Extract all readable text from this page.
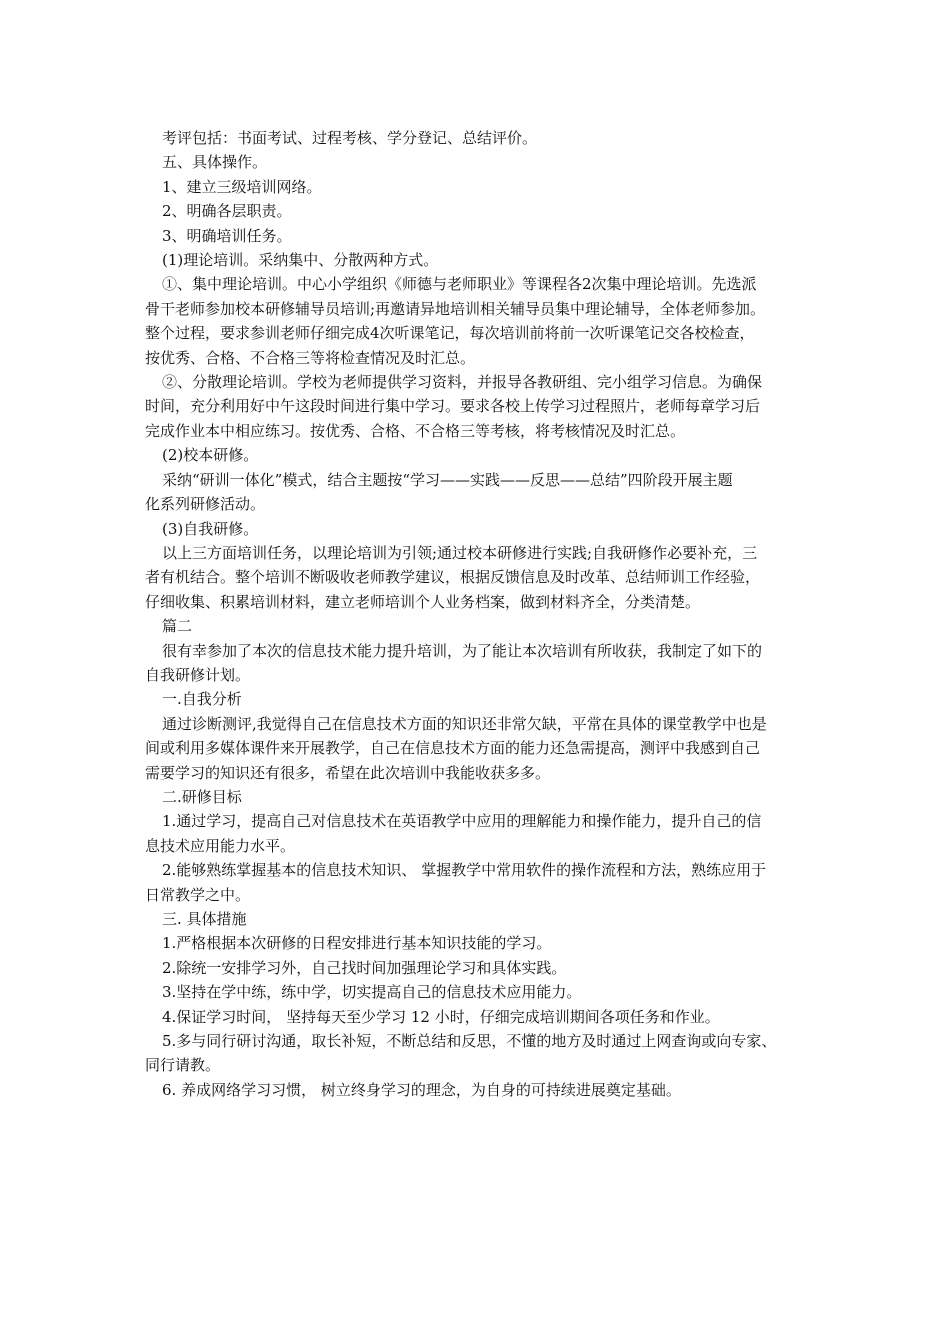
考评包括：书面考试、过程考核、学分登记、总结评价。
五、具体操作。
1、建立三级培训网络。
2、明确各层职责。
3、明确培训任务。
(1)理论培训。采纳集中、分散两种方式。
①、集中理论培训。中心小学组织《师德与老师职业》等课程各2次集中理论培训。先选派
骨干老师参加校本研修辅导员培训;再邀请异地培训相关辅导员集中理论辅导，全体老师参加。
整个过程，要求参训老师仔细完成4次听课笔记，每次培训前将前一次听课笔记交各校检查，
按优秀、合格、不合格三等将检查情况及时汇总。
②、分散理论培训。学校为老师提供学习资料，并报导各教研组、完小组学习信息。为确保
时间，充分利用好中午这段时间进行集中学习。要求各校上传学习过程照片，老师每章学习后
完成作业本中相应练习。按优秀、合格、不合格三等考核，将考核情况及时汇总。
(2)校本研修。
采纳“研训一体化”模式，结合主题按“学习——实践——反思——总结”四阶段开展主题
化系列研修活动。
(3)自我研修。
以上三方面培训任务，以理论培训为引领;通过校本研修进行实践;自我研修作必要补充，三
者有机结合。整个培训不断吸收老师教学建议，根据反馈信息及时改革、总结师训工作经验，
仔细收集、积累培训材料，建立老师培训个人业务档案，做到材料齐全，分类清楚。
篇二
很有幸参加了本次的信息技术能力提升培训，为了能让本次培训有所收获，我制定了如下的
自我研修计划。
一.自我分析
通过诊断测评,我觉得自己在信息技术方面的知识还非常欠缺，平常在具体的课堂教学中也是
间或利用多媒体课件来开展教学，自己在信息技术方面的能力还急需提高，测评中我感到自己
需要学习的知识还有很多，希望在此次培训中我能收获多多。
二.研修目标
1.通过学习，提高自己对信息技术在英语教学中应用的理解能力和操作能力，提升自己的信
息技术应用能力水平。
2.能够熟练掌握基本的信息技术知识、 掌握教学中常用软件的操作流程和方法，熟练应用于
日常教学之中。
三. 具体措施
1.严格根据本次研修的日程安排进行基本知识技能的学习。
2.除统一安排学习外，自己找时间加强理论学习和具体实践。
3.坚持在学中练，练中学，切实提高自己的信息技术应用能力。
4.保证学习时间， 坚持每天至少学习 12 小时，仔细完成培训期间各项任务和作业。
5.多与同行研讨沟通，取长补短，不断总结和反思，不懂的地方及时通过上网查询或向专家、
同行请教。
6. 养成网络学习习惯， 树立终身学习的理念，为自身的可持续进展奠定基础。
